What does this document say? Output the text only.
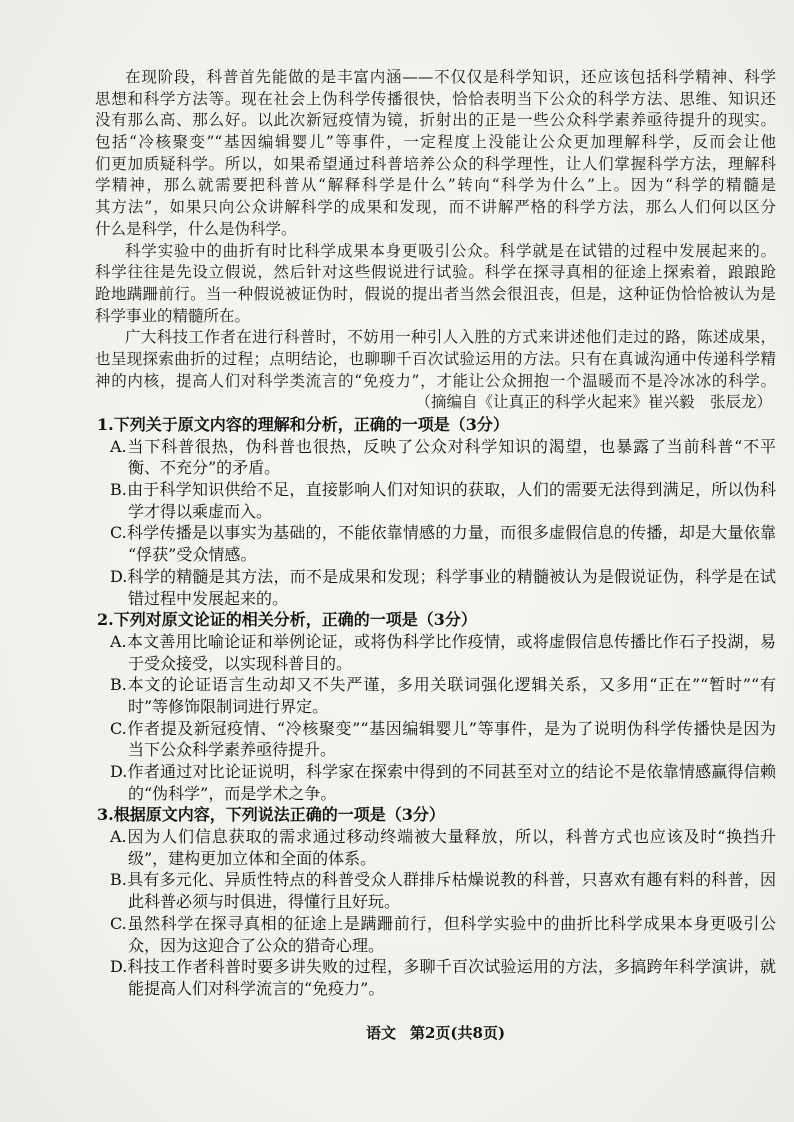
在现阶段，科普首先能做的是丰富内涵——不仅仅是科学知识，还应该包括科学精神、科学
思想和科学方法等。现在社会上伪科学传播很快，恰恰表明当下公众的科学方法、思维、知识还
没有那么高、那么好。以此次新冠疫情为镜，折射出的正是一些公众科学素养亟待提升的现实。
包括“冷核聚变”“基因编辑婴儿”等事件，一定程度上没能让公众更加理解科学，反而会让他
们更加质疑科学。所以，如果希望通过科普培养公众的科学理性，让人们掌握科学方法，理解科
学精神，那么就需要把科普从“解释科学是什么”转向“科学为什么”上。因为“科学的精髓是
其方法”，如果只向公众讲解科学的成果和发现，而不讲解严格的科学方法，那么人们何以区分
什么是科学，什么是伪科学。
科学实验中的曲折有时比科学成果本身更吸引公众。科学就是在试错的过程中发展起来的。
科学往往是先设立假说，然后针对这些假说进行试验。科学在探寻真相的征途上探索着，踉踉跄
跄地蹒跚前行。当一种假说被证伪时，假说的提出者当然会很沮丧，但是，这种证伪恰恰被认为是
科学事业的精髓所在。
广大科技工作者在进行科普时，不妨用一种引人入胜的方式来讲述他们走过的路，陈述成果，
也呈现探索曲折的过程；点明结论，也聊聊千百次试验运用的方法。只有在真诚沟通中传递科学精
神的内核，提高人们对科学类流言的“免疫力”，才能让公众拥抱一个温暖而不是冷冰冰的科学。
（摘编自《让真正的科学火起来》崔兴毅　张辰龙）
1.下列关于原文内容的理解和分析，正确的一项是（3分）
A.当下科普很热，伪科普也很热，反映了公众对科学知识的渴望，也暴露了当前科普“不平
衡、不充分”的矛盾。
B.由于科学知识供给不足，直接影响人们对知识的获取，人们的需要无法得到满足，所以伪科
学才得以乘虚而入。
C.科学传播是以事实为基础的，不能依靠情感的力量，而很多虚假信息的传播，却是大量依靠
“俘获”受众情感。
D.科学的精髓是其方法，而不是成果和发现；科学事业的精髓被认为是假说证伪，科学是在试
错过程中发展起来的。
2.下列对原文论证的相关分析，正确的一项是（3分）
A.本文善用比喻论证和举例论证，或将伪科学比作疫情，或将虚假信息传播比作石子投湖，易
于受众接受，以实现科普目的。
B.本文的论证语言生动却又不失严谨，多用关联词强化逻辑关系，又多用“正在”“暂时”“有
时”等修饰限制词进行界定。
C.作者提及新冠疫情、“冷核聚变”“基因编辑婴儿”等事件，是为了说明伪科学传播快是因为
当下公众科学素养亟待提升。
D.作者通过对比论证说明，科学家在探索中得到的不同甚至对立的结论不是依靠情感赢得信赖
的“伪科学”，而是学术之争。
3.根据原文内容，下列说法正确的一项是（3分）
A.因为人们信息获取的需求通过移动终端被大量释放，所以，科普方式也应该及时“换挡升
级”，建构更加立体和全面的体系。
B.具有多元化、异质性特点的科普受众人群排斥枯燥说教的科普，只喜欢有趣有料的科普，因
此科普必须与时俱进，得懂行且好玩。
C.虽然科学在探寻真相的征途上是蹒跚前行，但科学实验中的曲折比科学成果本身更吸引公
众，因为这迎合了公众的猎奇心理。
D.科技工作者科普时要多讲失败的过程，多聊千百次试验运用的方法，多搞跨年科学演讲，就
能提高人们对科学流言的“免疫力”。
语文 第2页(共8页)
